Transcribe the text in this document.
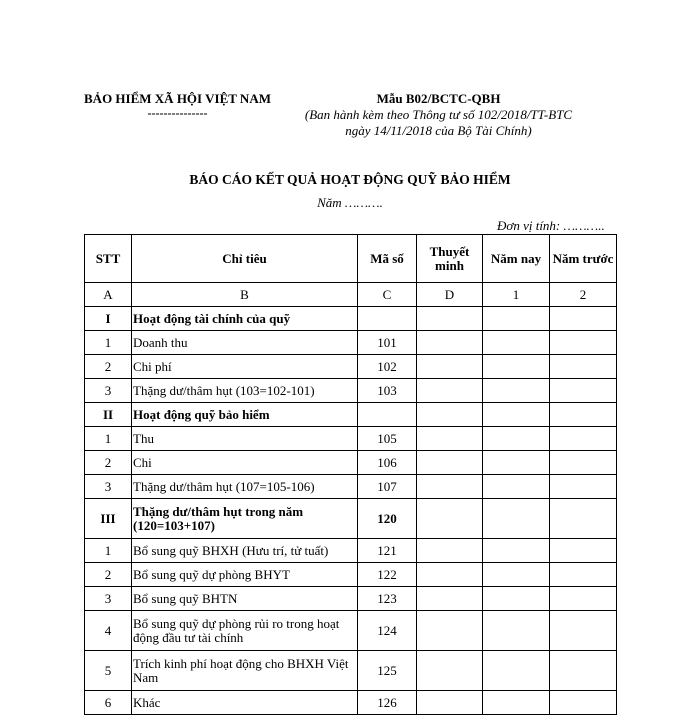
BẢO HIỂM XÃ HỘI VIỆT NAM
---------------
Mẫu B02/BCTC-QBH
(Ban hành kèm theo Thông tư số 102/2018/TT-BTC
ngày 14/11/2018 của Bộ Tài Chính)
BÁO CÁO KẾT QUẢ HOẠT ĐỘNG QUỸ BẢO HIỂM
Năm ……….
Đơn vị tính: ………..
STT	Chỉ tiêu	Mã số	Thuyết minh	Năm nay	Năm trước
A	B	C	D	1	2
I	Hoạt động tài chính của quỹ				
1	Doanh thu	101			
2	Chi phí	102			
3	Thặng dư/thâm hụt (103=102-101)	103			
II	Hoạt động quỹ bảo hiểm				
1	Thu	105			
2	Chi	106			
3	Thặng dư/thâm hụt (107=105-106)	107			
III	Thặng dư/thâm hụt trong năm (120=103+107)	120			
1	Bổ sung quỹ BHXH (Hưu trí, tử tuất)	121			
2	Bổ sung quỹ dự phòng BHYT	122			
3	Bổ sung quỹ BHTN	123			
4	Bổ sung quỹ dự phòng rủi ro trong hoạt động đầu tư tài chính	124			
5	Trích kinh phí hoạt động cho BHXH Việt Nam	125			
6	Khác	126			
